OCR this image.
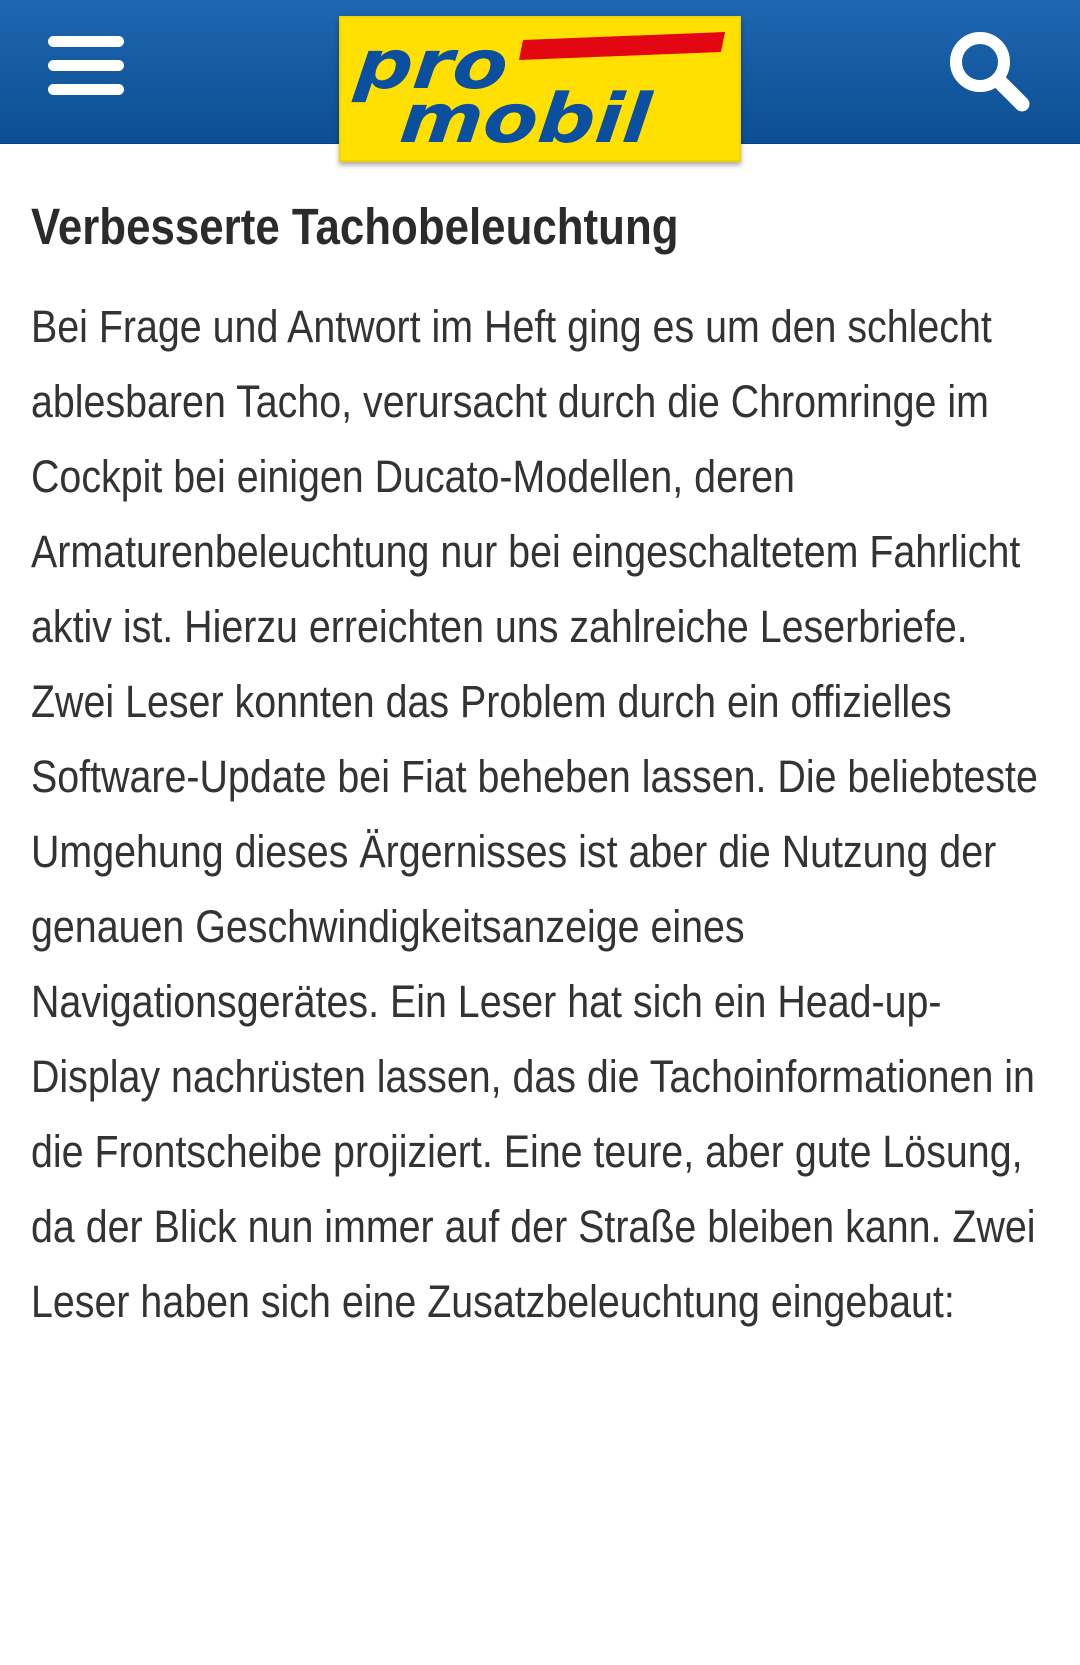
pro
mobil
Verbesserte Tachobeleuchtung

Bei Frage und Antwort im Heft ging es um den schlecht ablesbaren Tacho, verursacht durch die Chromringe im Cockpit bei einigen Ducato-Modellen, deren Armaturenbeleuchtung nur bei eingeschaltetem Fahrlicht aktiv ist. Hierzu erreichten uns zahlreiche Leserbriefe. Zwei Leser konnten das Problem durch ein offizielles Software-Update bei Fiat beheben lassen. Die beliebteste Umgehung dieses Ärgernisses ist aber die Nutzung der genauen Geschwindigkeitsanzeige eines Navigationsgerätes. Ein Leser hat sich ein Head-up-Display nachrüsten lassen, das die Tachoinformationen in die Frontscheibe projiziert. Eine teure, aber gute Lösung, da der Blick nun immer auf der Straße bleiben kann. Zwei Leser haben sich eine Zusatzbeleuchtung eingebaut:
